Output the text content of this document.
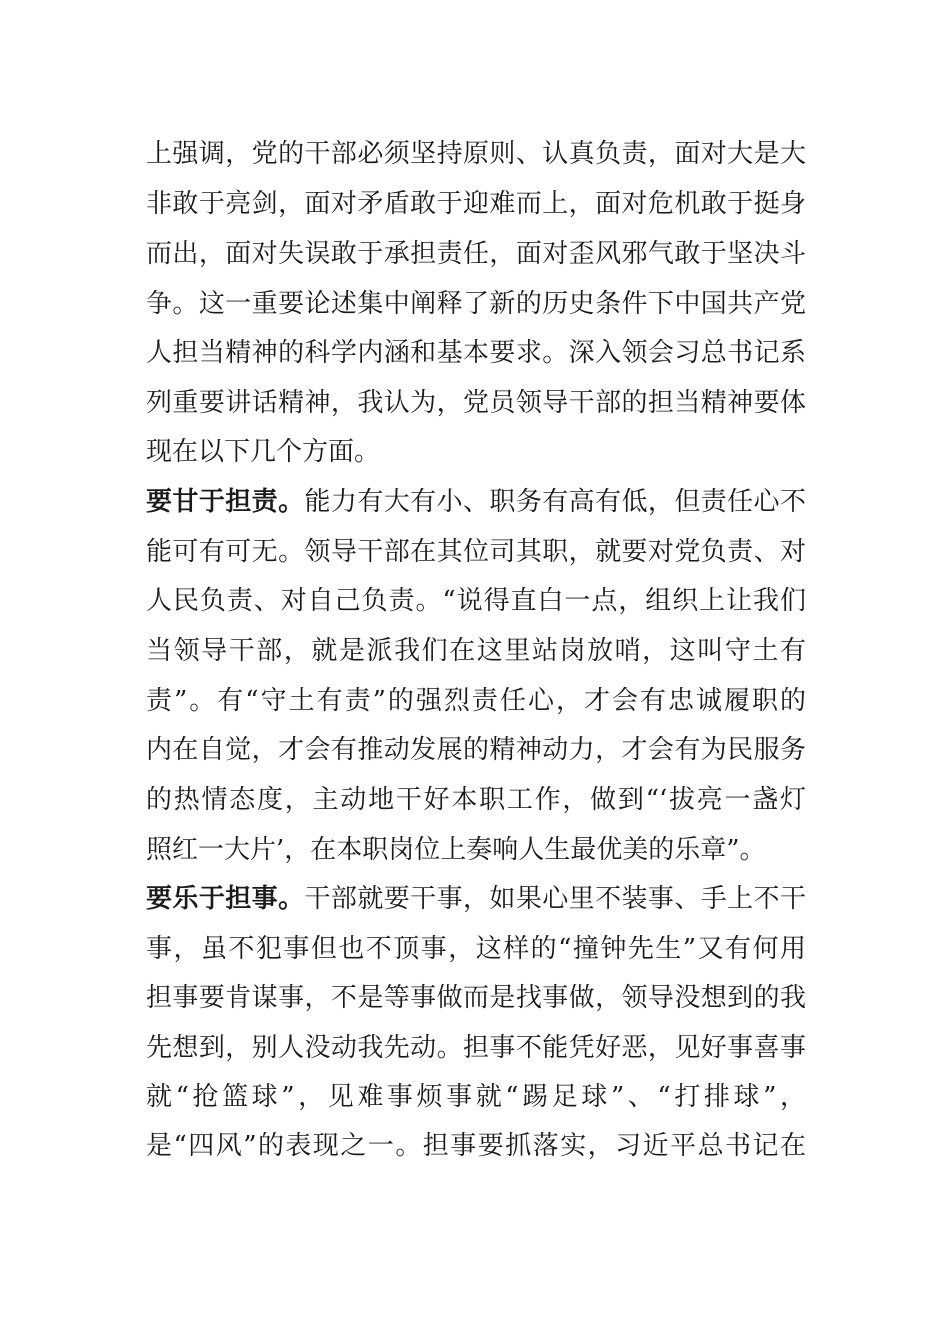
上强调，党的干部必须坚持原则、认真负责，面对大是大
非敢于亮剑，面对矛盾敢于迎难而上，面对危机敢于挺身
而出，面对失误敢于承担责任，面对歪风邪气敢于坚决斗
争。这一重要论述集中阐释了新的历史条件下中国共产党
人担当精神的科学内涵和基本要求。深入领会习总书记系
列重要讲话精神，我认为，党员领导干部的担当精神要体
现在以下几个方面。
要甘于担责。能力有大有小、职务有高有低，但责任心不
能可有可无。领导干部在其位司其职，就要对党负责、对
人民负责、对自己负责。“说得直白一点，组织上让我们
当领导干部，就是派我们在这里站岗放哨，这叫守土有
责”。有“守土有责”的强烈责任心，才会有忠诚履职的
内在自觉，才会有推动发展的精神动力，才会有为民服务
的热情态度，主动地干好本职工作，做到“‘拔亮一盏灯
照红一大片’，在本职岗位上奏响人生最优美的乐章”。
要乐于担事。干部就要干事，如果心里不装事、手上不干
事，虽不犯事但也不顶事，这样的“撞钟先生”又有何用
担事要肯谋事，不是等事做而是找事做，领导没想到的我
先想到，别人没动我先动。担事不能凭好恶，见好事喜事
就“抢篮球”，见难事烦事就“踢足球”、“打排球”，
是“四风”的表现之一。担事要抓落实，习近平总书记在
